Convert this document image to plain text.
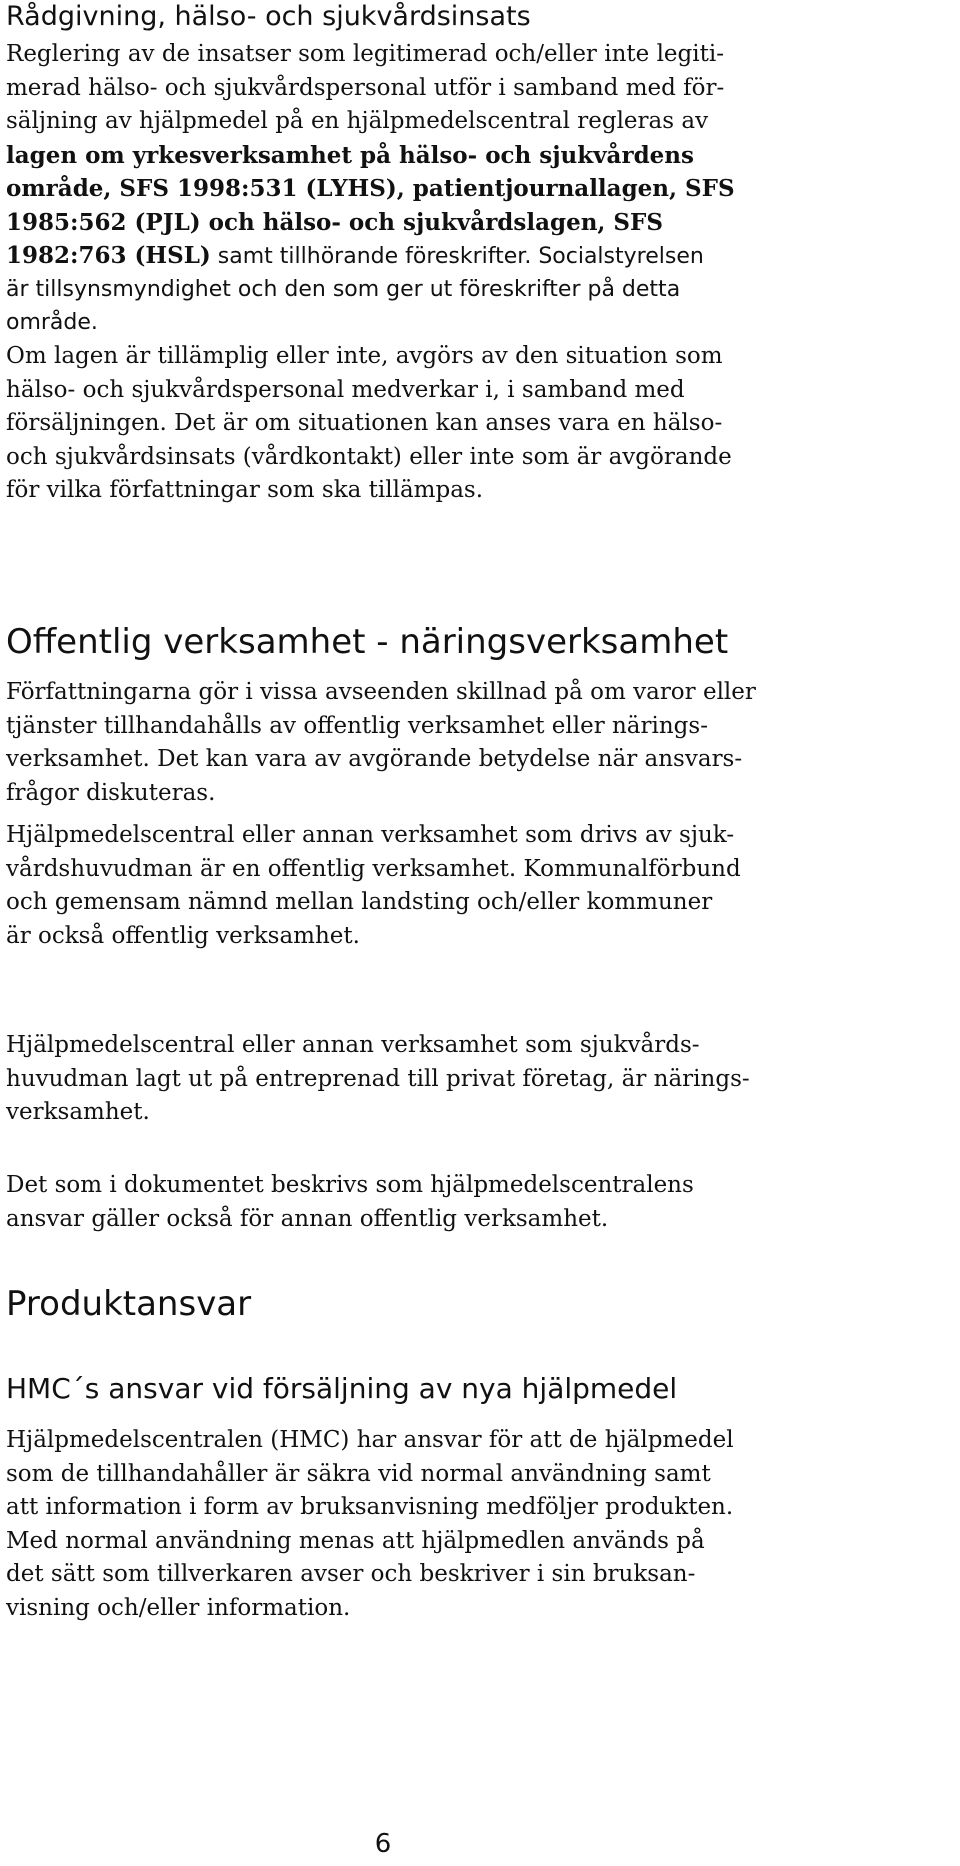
Rådgivning, hälso- och sjukvårdsinsats
Reglering av de insatser som legitimerad och/eller inte legiti-
merad hälso- och sjukvårdspersonal utför i samband med för-
säljning av hjälpmedel på en hjälpmedelscentral regleras av
lagen om yrkesverksamhet på hälso- och sjukvårdens
område, SFS 1998:531 (LYHS), patientjournallagen, SFS
1985:562 (PJL) och hälso- och sjukvårdslagen, SFS
1982:763 (HSL) samt tillhörande föreskrifter. Socialstyrelsen
är tillsynsmyndighet och den som ger ut föreskrifter på detta
område.
Om lagen är tillämplig eller inte, avgörs av den situation som
hälso- och sjukvårdspersonal medverkar i, i samband med
försäljningen. Det är om situationen kan anses vara en hälso-
och sjukvårdsinsats (vårdkontakt) eller inte som är avgörande
för vilka författningar som ska tillämpas.
Offentlig verksamhet - näringsverksamhet
Författningarna gör i vissa avseenden skillnad på om varor eller
tjänster tillhandahålls av offentlig verksamhet eller närings-
verksamhet. Det kan vara av avgörande betydelse när ansvars-
frågor diskuteras.
Hjälpmedelscentral eller annan verksamhet som drivs av sjuk-
vårdshuvudman är en offentlig verksamhet. Kommunalförbund
och gemensam nämnd mellan landsting och/eller kommuner
är också offentlig verksamhet.
Hjälpmedelscentral eller annan verksamhet som sjukvårds-
huvudman lagt ut på entreprenad till privat företag, är närings-
verksamhet.
Det som i dokumentet beskrivs som hjälpmedelscentralens
ansvar gäller också för annan offentlig verksamhet.
Produktansvar
HMC´s ansvar vid försäljning av nya hjälpmedel
Hjälpmedelscentralen (HMC) har ansvar för att de hjälpmedel
som de tillhandahåller är säkra vid normal användning samt
att information i form av bruksanvisning medföljer produkten.
Med normal användning menas att hjälpmedlen används på
det sätt som tillverkaren avser och beskriver i sin bruksan-
visning och/eller information.
6
